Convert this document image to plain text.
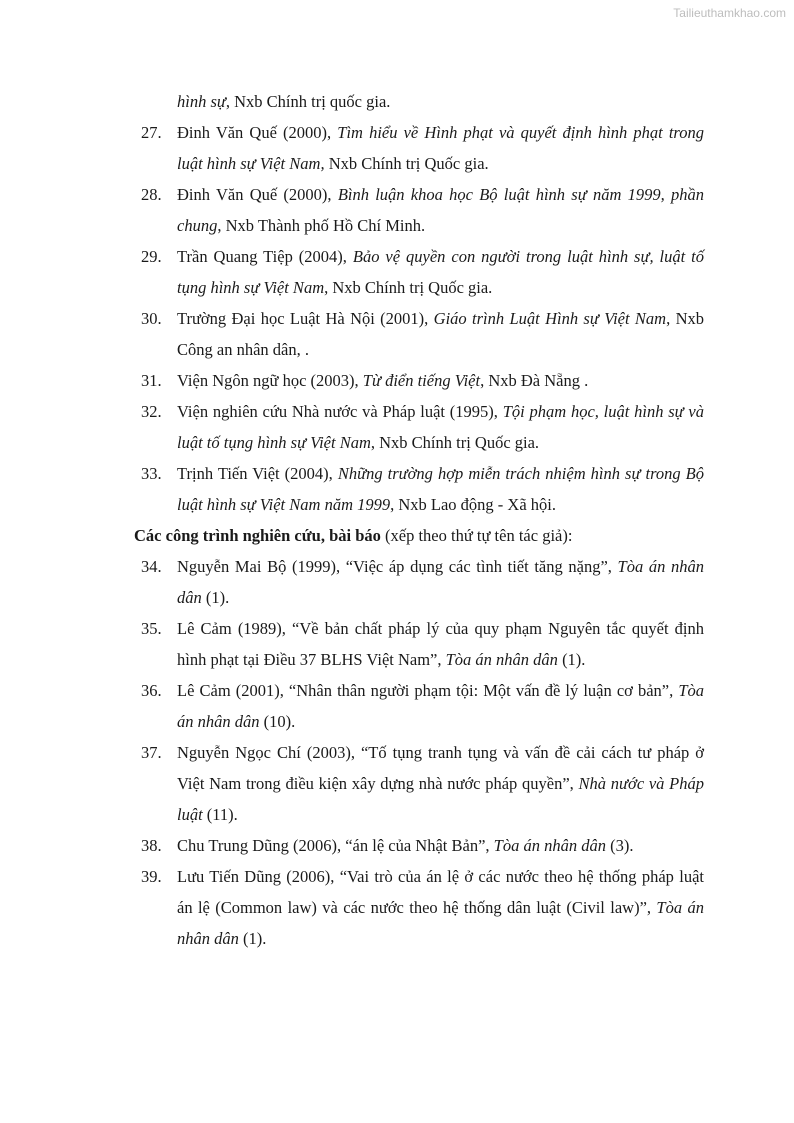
Tailieuthamkhao.com
hình sự, Nxb Chính trị quốc gia.
27. Đinh Văn Quế (2000), Tìm hiểu về Hình phạt và quyết định hình phạt trong luật hình sự Việt Nam, Nxb Chính trị Quốc gia.
28. Đinh Văn Quế (2000), Bình luận khoa học Bộ luật hình sự năm 1999, phần chung, Nxb Thành phố Hồ Chí Minh.
29. Trần Quang Tiệp (2004), Bảo vệ quyền con người trong luật hình sự, luật tố tụng hình sự Việt Nam, Nxb Chính trị Quốc gia.
30. Trường Đại học Luật Hà Nội (2001), Giáo trình Luật Hình sự Việt Nam, Nxb Công an nhân dân, .
31. Viện Ngôn ngữ học (2003), Từ điển tiếng Việt, Nxb Đà Nẵng .
32. Viện nghiên cứu Nhà nước và Pháp luật (1995), Tội phạm học, luật hình sự và luật tố tụng hình sự Việt Nam, Nxb Chính trị Quốc gia.
33. Trịnh Tiến Việt (2004), Những trường hợp miễn trách nhiệm hình sự trong Bộ luật hình sự Việt Nam năm 1999, Nxb Lao động - Xã hội.
Các công trình nghiên cứu, bài báo (xếp theo thứ tự tên tác giả):
34. Nguyễn Mai Bộ (1999), “Việc áp dụng các tình tiết tăng nặng”, Tòa án nhân dân (1).
35. Lê Cảm (1989), “Về bản chất pháp lý của quy phạm Nguyên tắc quyết định hình phạt tại Điều 37 BLHS Việt Nam”, Tòa án nhân dân (1).
36. Lê Cảm (2001), “Nhân thân người phạm tội: Một vấn đề lý luận cơ bản”, Tòa án nhân dân (10).
37. Nguyễn Ngọc Chí (2003), “Tố tụng tranh tụng và vấn đề cải cách tư pháp ở Việt Nam trong điều kiện xây dựng nhà nước pháp quyền”, Nhà nước và Pháp luật (11).
38. Chu Trung Dũng (2006), “án lệ của Nhật Bản”, Tòa án nhân dân (3).
39. Lưu Tiến Dũng (2006), “Vai trò của án lệ ở các nước theo hệ thống pháp luật án lệ (Common law) và các nước theo hệ thống dân luật (Civil law)”, Tòa án nhân dân (1).
